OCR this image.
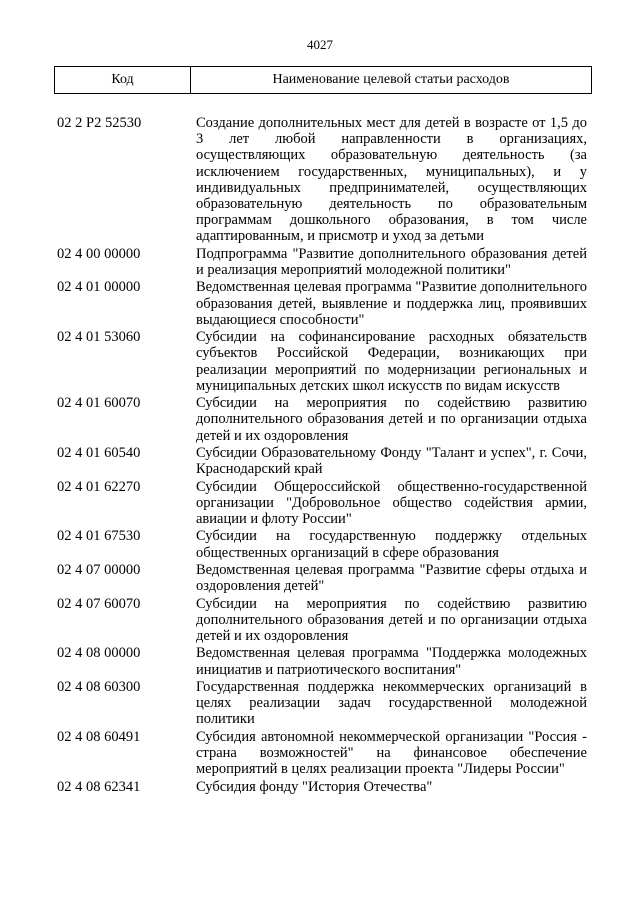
4027
Код	Наименование целевой статьи расходов
02 2 Р2 52530	Создание дополнительных мест для детей в возрасте от 1,5 до 3 лет любой направленности в организациях, осуществляющих образовательную деятельность (за исключением государственных, муниципальных), и у индивидуальных предпринимателей, осуществляющих образовательную деятельность по образовательным программам дошкольного образования, в том числе адаптированным, и присмотр и уход за детьми
02 4 00 00000	Подпрограмма "Развитие дополнительного образования детей и реализация мероприятий молодежной политики"
02 4 01 00000	Ведомственная целевая программа "Развитие дополнительного образования детей, выявление и поддержка лиц, проявивших выдающиеся способности"
02 4 01 53060	Субсидии на софинансирование расходных обязательств субъектов Российской Федерации, возникающих при реализации мероприятий по модернизации региональных и муниципальных детских школ искусств по видам искусств
02 4 01 60070	Субсидии на мероприятия по содействию развитию дополнительного образования детей и по организации отдыха детей и их оздоровления
02 4 01 60540	Субсидии Образовательному Фонду "Талант и успех", г. Сочи, Краснодарский край
02 4 01 62270	Субсидии Общероссийской общественно-государственной организации "Добровольное общество содействия армии, авиации и флоту России"
02 4 01 67530	Субсидии на государственную поддержку отдельных общественных организаций в сфере образования
02 4 07 00000	Ведомственная целевая программа "Развитие сферы отдыха и оздоровления детей"
02 4 07 60070	Субсидии на мероприятия по содействию развитию дополнительного образования детей и по организации отдыха детей и их оздоровления
02 4 08 00000	Ведомственная целевая программа "Поддержка молодежных инициатив и патриотического воспитания"
02 4 08 60300	Государственная поддержка некоммерческих организаций в целях реализации задач государственной молодежной политики
02 4 08 60491	Субсидия автономной некоммерческой организации "Россия - страна возможностей" на финансовое обеспечение мероприятий в целях реализации проекта "Лидеры России"
02 4 08 62341	Субсидия фонду "История Отечества"
